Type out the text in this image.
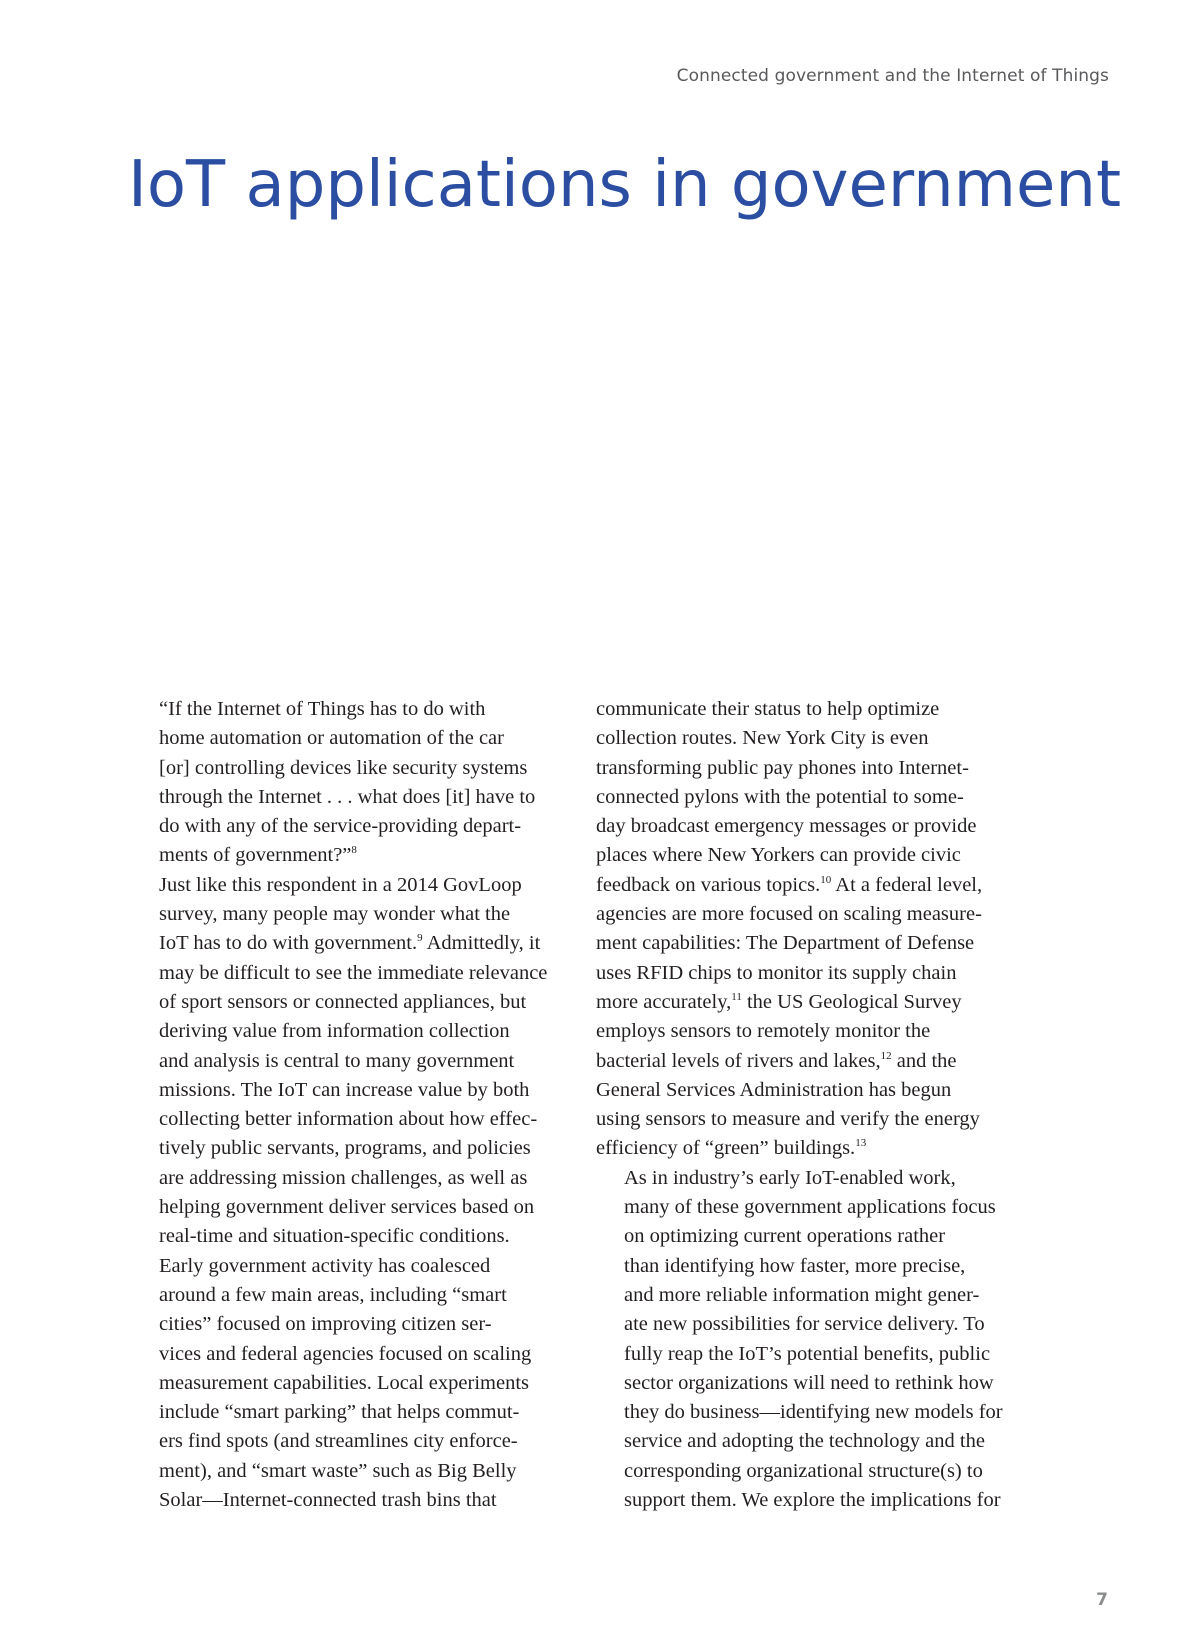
Connected government and the Internet of Things
IoT applications in government

“If the Internet of Things has to do with
home automation or automation of the car
[or] controlling devices like security systems
through the Internet . . . what does [it] have to
do with any of the service-providing depart-
ments of government?”$^8$

Just like this respondent in a 2014 GovLoop
survey, many people may wonder what the
IoT has to do with government.$^9$ Admittedly, it
may be difficult to see the immediate relevance
of sport sensors or connected appliances, but
deriving value from information collection
and analysis is central to many government
missions. The IoT can increase value by both
collecting better information about how effec-
tively public servants, programs, and policies
are addressing mission challenges, as well as
helping government deliver services based on
real-time and situation-specific conditions.

Early government activity has coalesced
around a few main areas, including “smart
cities” focused on improving citizen ser-
vices and federal agencies focused on scaling
measurement capabilities. Local experiments
include “smart parking” that helps commut-
ers find spots (and streamlines city enforce-
ment), and “smart waste” such as Big Belly
Solar—Internet-connected trash bins that

communicate their status to help optimize
collection routes. New York City is even
transforming public pay phones into Internet-
connected pylons with the potential to some-
day broadcast emergency messages or provide
places where New Yorkers can provide civic
feedback on various topics.$^{10}$ At a federal level,
agencies are more focused on scaling measure-
ment capabilities: The Department of Defense
uses RFID chips to monitor its supply chain
more accurately,$^{11}$ the US Geological Survey
employs sensors to remotely monitor the
bacterial levels of rivers and lakes,$^{12}$ and the
General Services Administration has begun
using sensors to measure and verify the energy
efficiency of “green” buildings.$^{13}$

As in industry’s early IoT-enabled work,
many of these government applications focus
on optimizing current operations rather
than identifying how faster, more precise,
and more reliable information might gener-
ate new possibilities for service delivery. To
fully reap the IoT’s potential benefits, public
sector organizations will need to rethink how
they do business—identifying new models for
service and adopting the technology and the
corresponding organizational structure(s) to
support them. We explore the implications for

7
